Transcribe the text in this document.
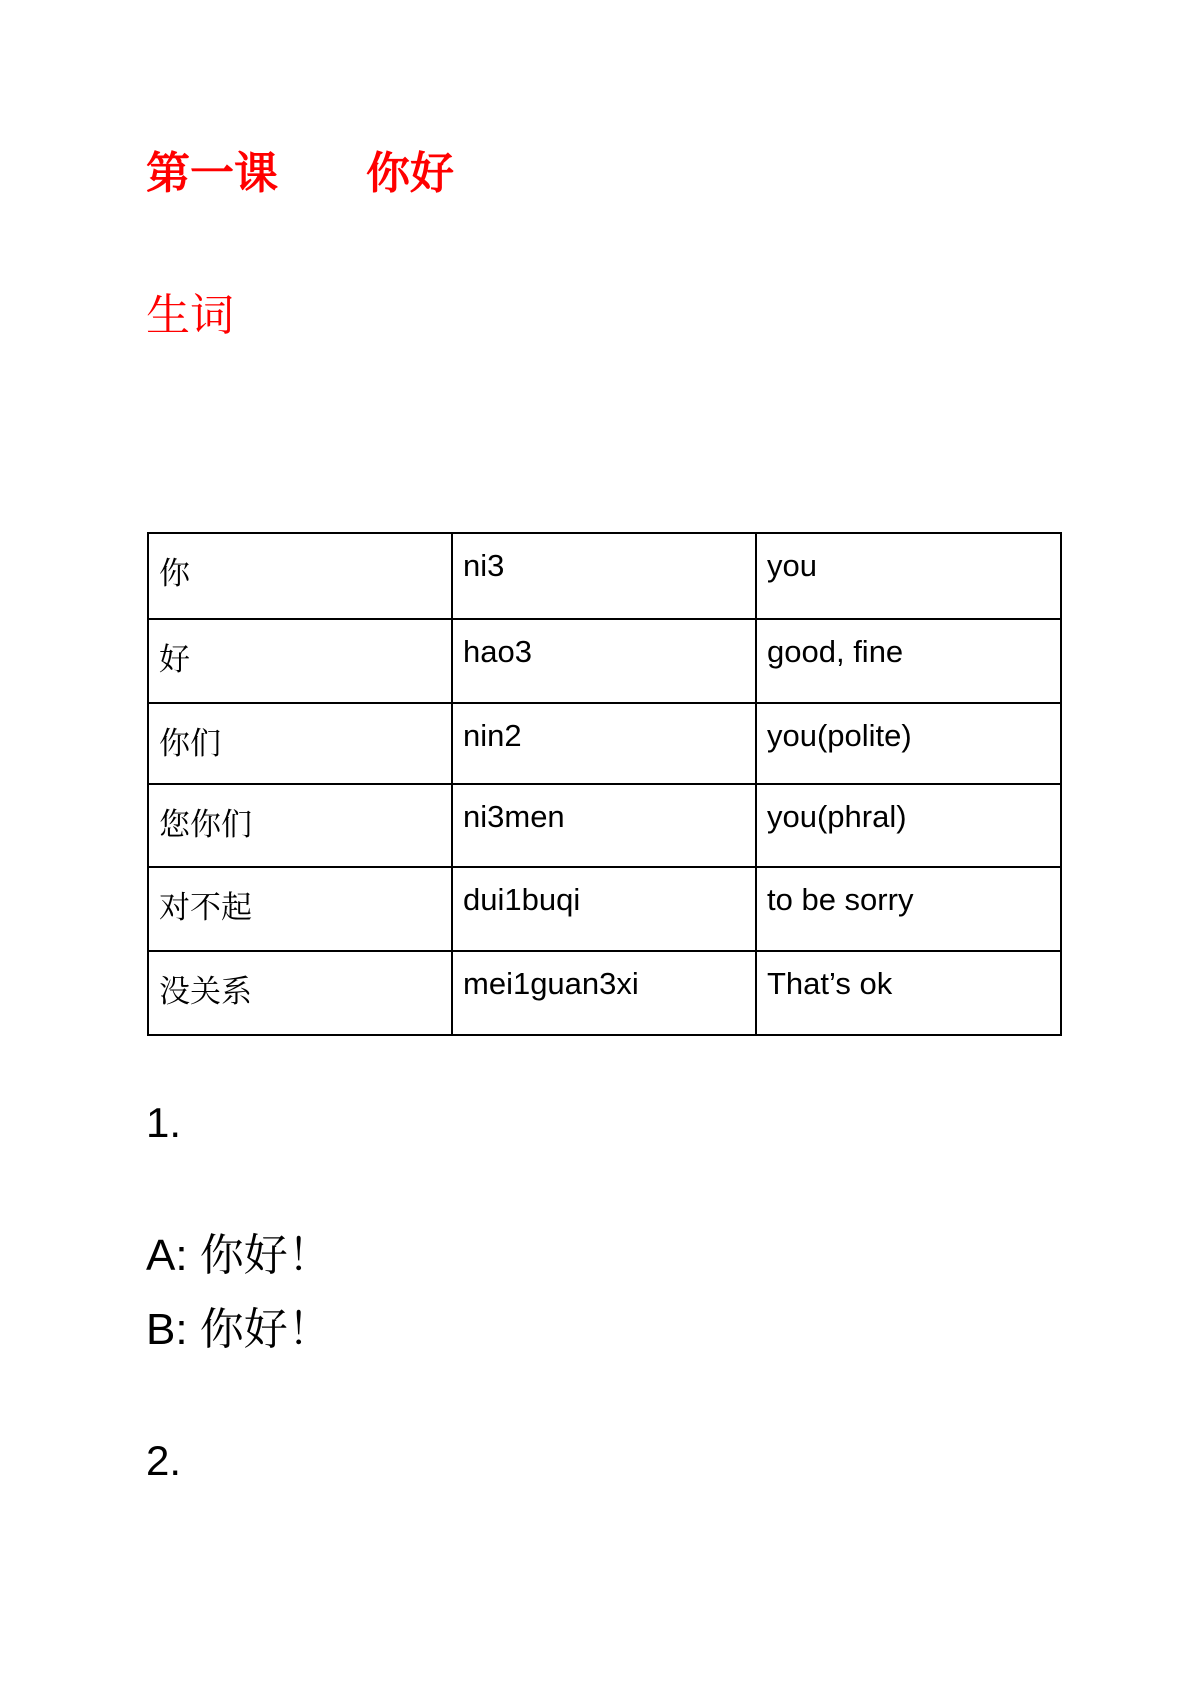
第一课　　你好
生词
你	ni3	you
好	hao3	good, fine
你们	nin2	you(polite)
您你们	ni3men	you(phral)
对不起	dui1buqi	to be sorry
没关系	mei1guan3xi	That’s ok

1.

A: 你好！

B: 你好！

2.
